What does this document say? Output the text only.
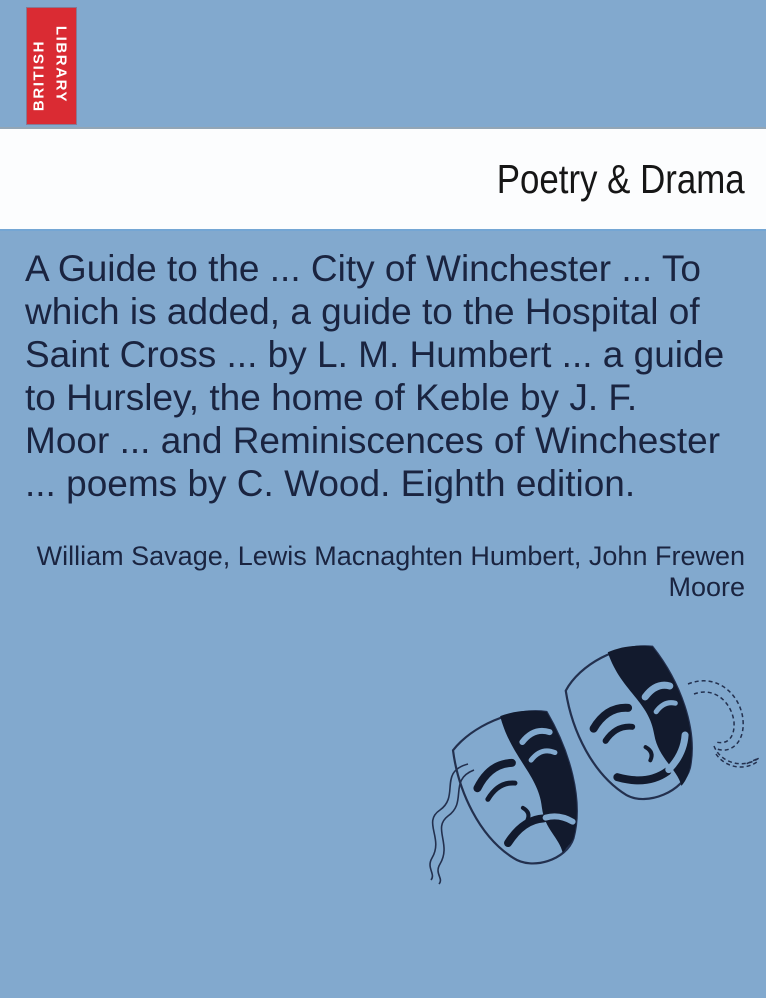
BRITISH LIBRARY
Poetry & Drama
A Guide to the ... City of Winchester ... To
which is added, a guide to the Hospital of
Saint Cross ... by L. M. Humbert ... a guide
to Hursley, the home of Keble by J. F.
Moor ... and Reminiscences of Winchester
... poems by C. Wood. Eighth edition.
William Savage, Lewis Macnaghten Humbert, John Frewen
Moore
